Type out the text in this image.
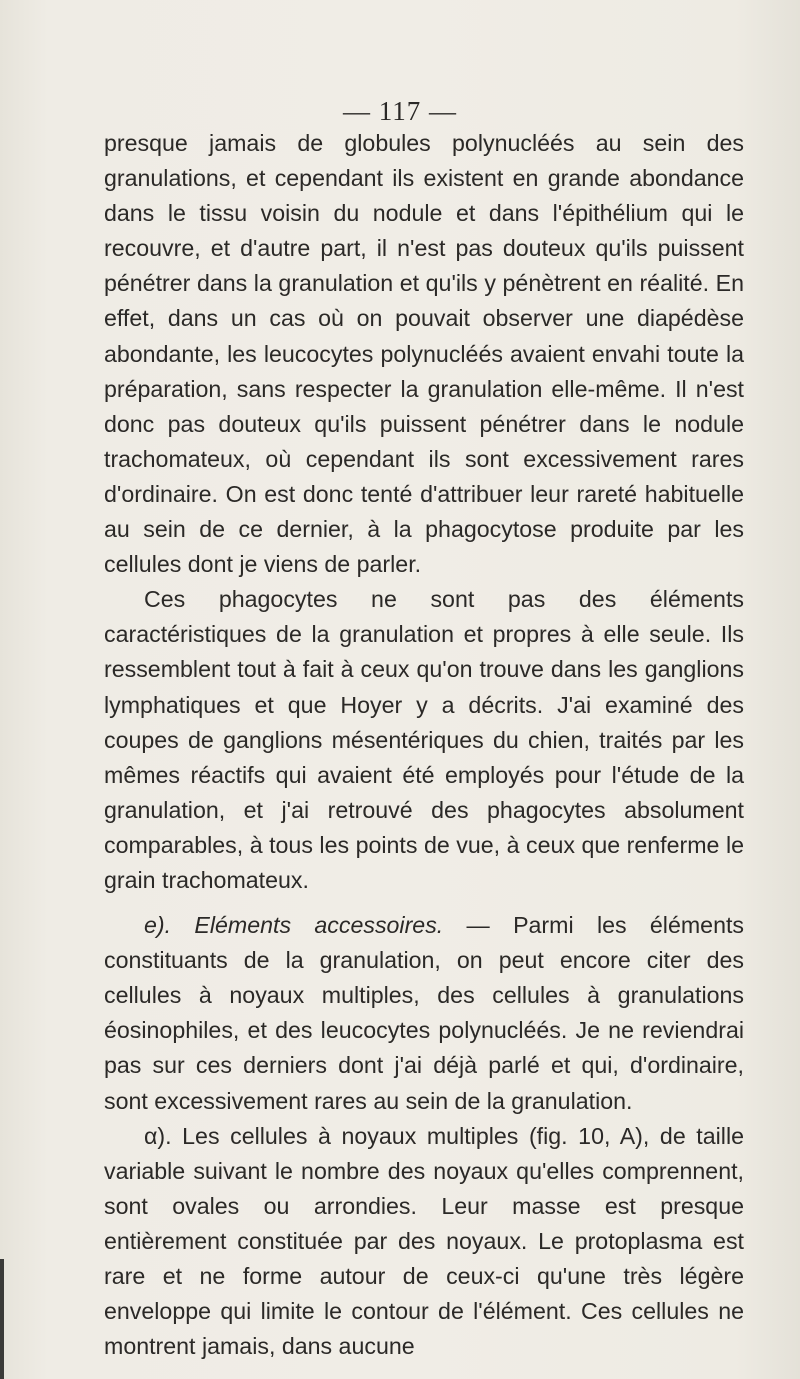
— 117 —

presque jamais de globules polynucléés au sein des granulations, et cependant ils existent en grande abondance dans le tissu voisin du nodule et dans l'épithélium qui le recouvre, et d'autre part, il n'est pas douteux qu'ils puissent pénétrer dans la granulation et qu'ils y pénètrent en réalité. En effet, dans un cas où on pouvait observer une diapédèse abondante, les leucocytes polynucléés avaient envahi toute la préparation, sans respecter la granulation elle-même. Il n'est donc pas douteux qu'ils puissent pénétrer dans le nodule trachomateux, où cependant ils sont excessivement rares d'ordinaire. On est donc tenté d'attribuer leur rareté habituelle au sein de ce dernier, à la phagocytose produite par les cellules dont je viens de parler.

Ces phagocytes ne sont pas des éléments caractéristiques de la granulation et propres à elle seule. Ils ressemblent tout à fait à ceux qu'on trouve dans les ganglions lymphatiques et que Hoyer y a décrits. J'ai examiné des coupes de ganglions mésentériques du chien, traités par les mêmes réactifs qui avaient été employés pour l'étude de la granulation, et j'ai retrouvé des phagocytes absolument comparables, à tous les points de vue, à ceux que renferme le grain trachomateux.

e). Eléments accessoires. — Parmi les éléments constituants de la granulation, on peut encore citer des cellules à noyaux multiples, des cellules à granulations éosinophiles, et des leucocytes polynucléés. Je ne reviendrai pas sur ces derniers dont j'ai déjà parlé et qui, d'ordinaire, sont excessivement rares au sein de la granulation.

α). Les cellules à noyaux multiples (fig. 10, A), de taille variable suivant le nombre des noyaux qu'elles comprennent, sont ovales ou arrondies. Leur masse est presque entièrement constituée par des noyaux. Le protoplasma est rare et ne forme autour de ceux-ci qu'une très légère enveloppe qui limite le contour de l'élément. Ces cellules ne montrent jamais, dans aucune
